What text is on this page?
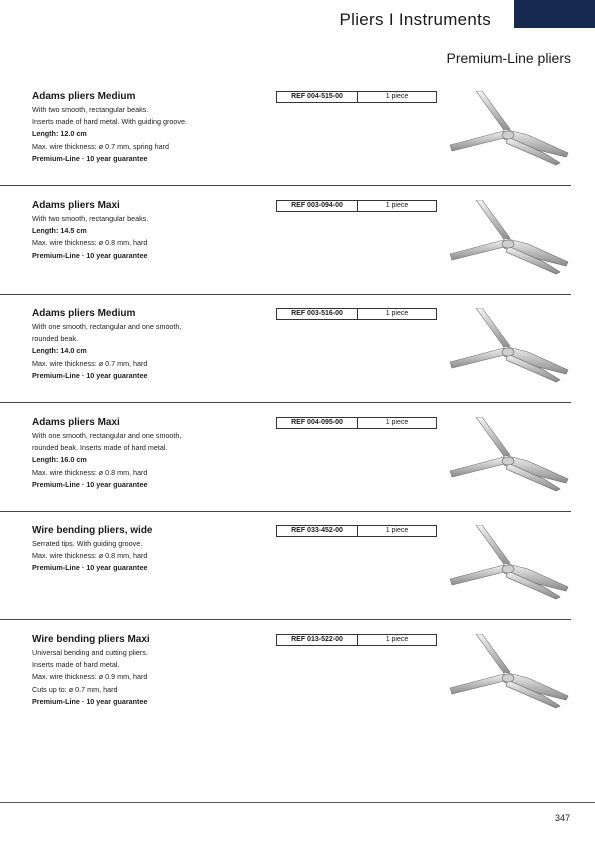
Pliers I Instruments
Premium-Line pliers
Adams pliers Medium
With two smooth, rectangular beaks.
Inserts made of hard metal. With guiding groove.
Length: 12.0 cm
Max. wire thickness: ø 0.7 mm, spring hard
Premium-Line · 10 year guarantee
REF 004-515-00	1 piece
Adams pliers Maxi
With two smooth, rectangular beaks.
Length: 14.5 cm
Max. wire thickness: ø 0.8 mm, hard
Premium-Line · 10 year guarantee
REF 003-094-00	1 piece
Adams pliers Medium
With one smooth, rectangular and one smooth,
rounded beak.
Length: 14.0 cm
Max. wire thickness: ø 0.7 mm, hard
Premium-Line · 10 year guarantee
REF 003-516-00	1 piece
Adams pliers Maxi
With one smooth, rectangular and one smooth,
rounded beak. Inserts made of hard metal.
Length: 16.0 cm
Max. wire thickness: ø 0.8 mm, hard
Premium-Line · 10 year guarantee
REF 004-095-00	1 piece
Wire bending pliers, wide
Serrated tips. With guiding groove.
Max. wire thickness: ø 0.8 mm, hard
Premium-Line · 10 year guarantee
REF 033-452-00	1 piece
Wire bending pliers Maxi
Universal bending and cutting pliers.
Inserts made of hard metal.
Max. wire thickness: ø 0.9 mm, hard
Cuts up to: ø 0.7 mm, hard
Premium-Line · 10 year guarantee
REF 013-522-00	1 piece
347
